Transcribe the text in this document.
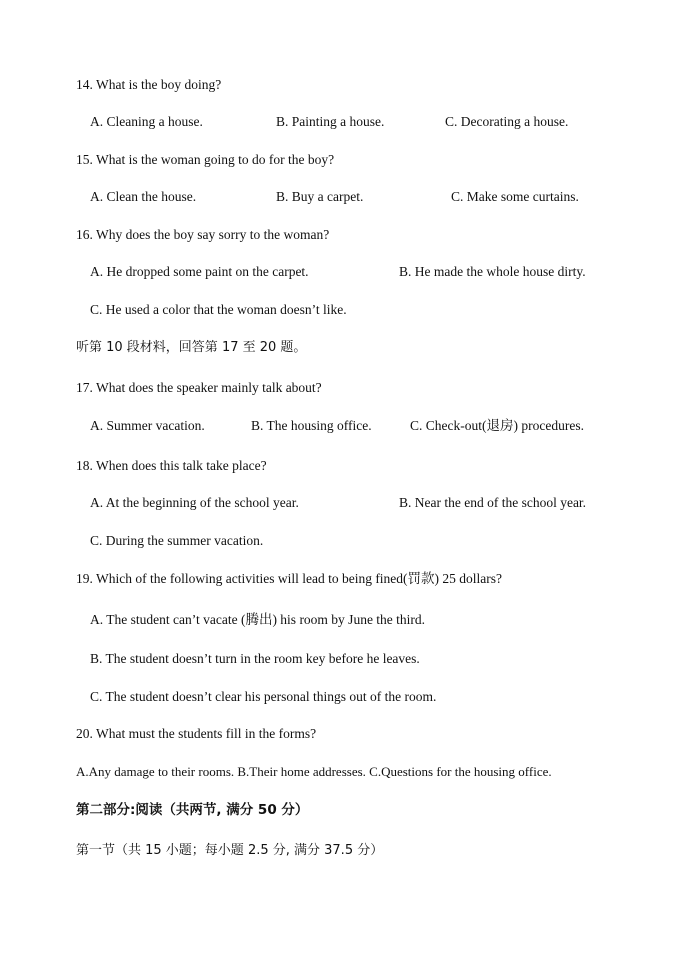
14. What is the boy doing?
A. Cleaning a house.	B. Painting a house.	C. Decorating a house.
15. What is the woman going to do for the boy?
A. Clean the house.	B. Buy a carpet.	C. Make some curtains.
16. Why does the boy say sorry to the woman?
A. He dropped some paint on the carpet.	B. He made the whole house dirty.
C. He used a color that the woman doesn’t like.
听第 10 段材料，回答第 17 至 20 题。
17. What does the speaker mainly talk about?
A. Summer vacation.	B. The housing office.	C. Check-out(退房) procedures.
18. When does this talk take place?
A. At the beginning of the school year.	B. Near the end of the school year.
C. During the summer vacation.
19. Which of the following activities will lead to being fined(罚款) 25 dollars?
A. The student can’t vacate (腾出) his room by June the third.
B. The student doesn’t turn in the room key before he leaves.
C. The student doesn’t clear his personal things out of the room.
20. What must the students fill in the forms?
A.Any damage to their rooms. B.Their home addresses. C.Questions for the housing office.
第二部分:阅读（共两节, 满分 50 分）
第一节（共 15 小题；每小题 2.5 分, 满分 37.5 分）
